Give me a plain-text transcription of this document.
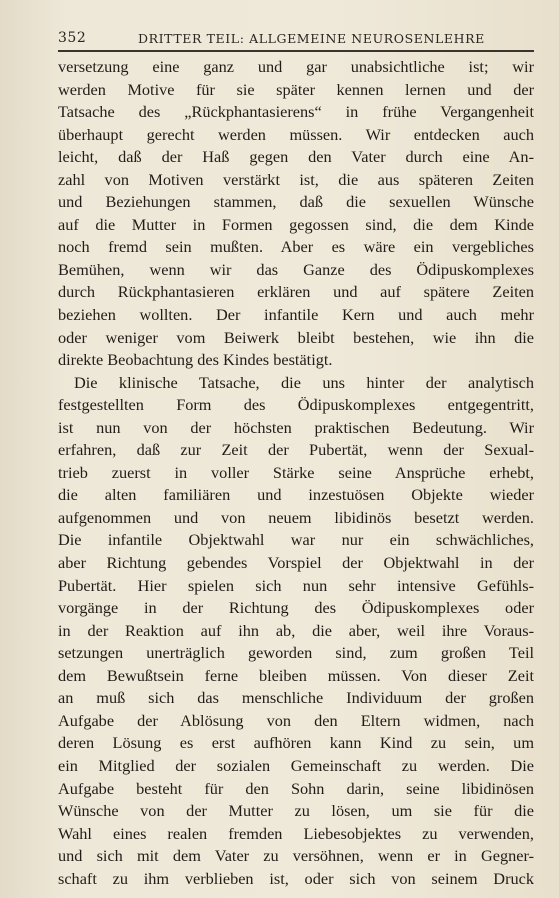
352	DRITTER TEIL: ALLGEMEINE NEUROSENLEHRE
versetzung eine ganz und gar unabsichtliche ist; wir
werden Motive für sie später kennen lernen und der
Tatsache des „Rückphantasierens“ in frühe Vergangenheit
überhaupt gerecht werden müssen. Wir entdecken auch
leicht, daß der Haß gegen den Vater durch eine An-
zahl von Motiven verstärkt ist, die aus späteren Zeiten
und Beziehungen stammen, daß die sexuellen Wünsche
auf die Mutter in Formen gegossen sind, die dem Kinde
noch fremd sein mußten. Aber es wäre ein vergebliches
Bemühen, wenn wir das Ganze des Ödipuskomplexes
durch Rückphantasieren erklären und auf spätere Zeiten
beziehen wollten. Der infantile Kern und auch mehr
oder weniger vom Beiwerk bleibt bestehen, wie ihn die
direkte Beobachtung des Kindes bestätigt.
Die klinische Tatsache, die uns hinter der analytisch
festgestellten Form des Ödipuskomplexes entgegentritt,
ist nun von der höchsten praktischen Bedeutung. Wir
erfahren, daß zur Zeit der Pubertät, wenn der Sexual-
trieb zuerst in voller Stärke seine Ansprüche erhebt,
die alten familiären und inzestuösen Objekte wieder
aufgenommen und von neuem libidinös besetzt werden.
Die infantile Objektwahl war nur ein schwächliches,
aber Richtung gebendes Vorspiel der Objektwahl in der
Pubertät. Hier spielen sich nun sehr intensive Gefühls-
vorgänge in der Richtung des Ödipuskomplexes oder
in der Reaktion auf ihn ab, die aber, weil ihre Voraus-
setzungen unerträglich geworden sind, zum großen Teil
dem Bewußtsein ferne bleiben müssen. Von dieser Zeit
an muß sich das menschliche Individuum der großen
Aufgabe der Ablösung von den Eltern widmen, nach
deren Lösung es erst aufhören kann Kind zu sein, um
ein Mitglied der sozialen Gemeinschaft zu werden. Die
Aufgabe besteht für den Sohn darin, seine libidinösen
Wünsche von der Mutter zu lösen, um sie für die
Wahl eines realen fremden Liebesobjektes zu verwenden,
und sich mit dem Vater zu versöhnen, wenn er in Gegner-
schaft zu ihm verblieben ist, oder sich von seinem Druck
